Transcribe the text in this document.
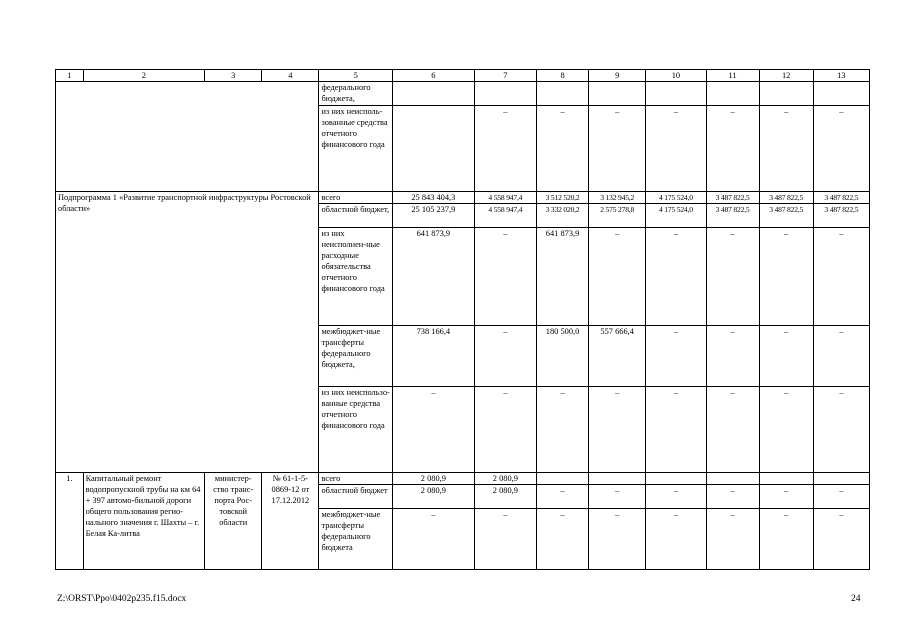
1	2	3	4	5	6	7	8	9	10	11	12	13
				федерального бюджета,								
				из них неисполь-зованные средства отчетного финансового года		–	–	–	–	–	–	–
Подпрограмма 1 «Развитие транспортной инфраструктуры Ростовской области»				всего	25 843 404,3	4 558 947,4	3 512 520,2	3 132 945,2	4 175 524,0	3 487 822,5	3 487 822,5	3 487 822,5
				областной бюджет,	25 105 237,9	4 558 947,4	3 332 020,2	2 575 278,8	4 175 524,0	3 487 822,5	3 487 822,5	3 487 822,5
				из них неисполнен-ные расходные обязательства отчетного финансового года	641 873,9	–	641 873,9	–	–	–	–	–
				межбюджет-ные трансферты федерального бюджета,	738 166,4	–	180 500,0	557 666,4	–	–	–	–
				из них неиспользо-ванные средства отчетного финансового года	–	–	–	–	–	–	–	–
1.	Капитальный ремонт водопропускной трубы на км 64 + 397 автомо-бильной дороги общего пользования регио-нального значения г. Шахты – г. Белая Ка-литва	министер-ство транс-порта Рос-товской области	№ 61-1-5-0869-12 от 17.12.2012	всего	2 080,9	2 080,9						
				областной бюджет	2 080,9	2 080,9	–	–	–	–	–	–
				межбюджет-ные трансферты федерального бюджета	–	–	–	–	–	–	–	–
Z:\ORST\Ppo\0402p235.f15.docx	24
